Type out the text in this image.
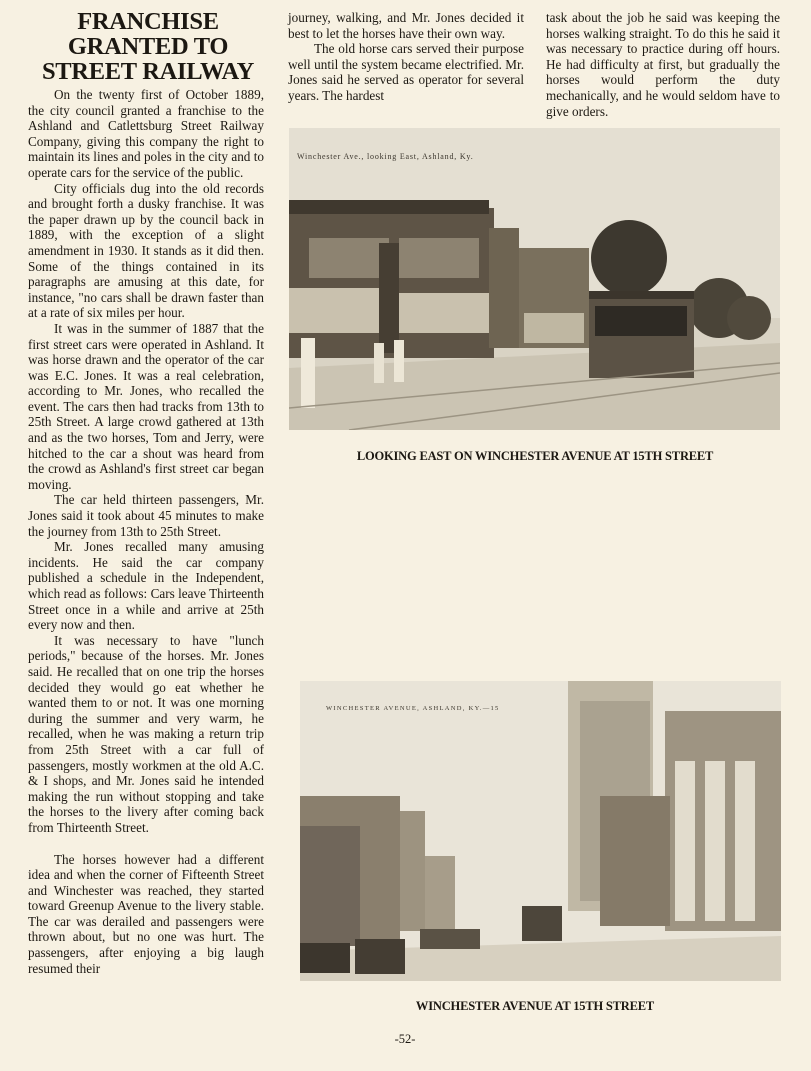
FRANCHISE GRANTED TO STREET RAILWAY

On the twenty first of October 1889, the city council granted a franchise to the Ashland and Catlettsburg Street Railway Company, giving this company the right to maintain its lines and poles in the city and to operate cars for the service of the public.

City officials dug into the old records and brought forth a dusky franchise. It was the paper drawn up by the council back in 1889, with the exception of a slight amendment in 1930. It stands as it did then. Some of the things contained in its paragraphs are amusing at this date, for instance, "no cars shall be drawn faster than at a rate of six miles per hour.

It was in the summer of 1887 that the first street cars were operated in Ashland. It was horse drawn and the operator of the car was E.C. Jones. It was a real celebration, according to Mr. Jones, who recalled the event. The cars then had tracks from 13th to 25th Street. A large crowd gathered at 13th and as the two horses, Tom and Jerry, were hitched to the car a shout was heard from the crowd as Ashland's first street car began moving.

The car held thirteen passengers, Mr. Jones said it took about 45 minutes to make the journey from 13th to 25th Street.

Mr. Jones recalled many amusing incidents. He said the car company published a schedule in the Independent, which read as follows: Cars leave Thirteenth Street once in a while and arrive at 25th every now and then.

It was necessary to have "lunch periods," because of the horses. Mr. Jones said. He recalled that on one trip the horses decided they would go eat whether he wanted them to or not. It was one morning during the summer and very warm, he recalled, when he was making a return trip from 25th Street with a car full of passengers, mostly workmen at the old A.C. & I shops, and Mr. Jones said he intended making the run without stopping and take the horses to the livery after coming back from Thirteenth Street.

The horses however had a different idea and when the corner of Fifteenth Street and Winchester was reached, they started toward Greenup Avenue to the livery stable. The car was derailed and passengers were thrown about, but no one was hurt. The passengers, after enjoying a big laugh resumed their

journey, walking, and Mr. Jones decided it best to let the horses have their own way.

The old horse cars served their purpose well until the system became electrified. Mr. Jones said he served as operator for several years. The hardest

task about the job he said was keeping the horses walking straight. To do this he said it was necessary to practice during off hours. He had difficulty at first, but gradually the horses would perform the duty mechanically, and he would seldom have to give orders.

Winchester Ave., looking East, Ashland, Ky.
LOOKING EAST ON WINCHESTER AVENUE AT 15TH STREET
WINCHESTER AVENUE, ASHLAND, KY.—15
WINCHESTER AVENUE AT 15TH STREET
-52-
